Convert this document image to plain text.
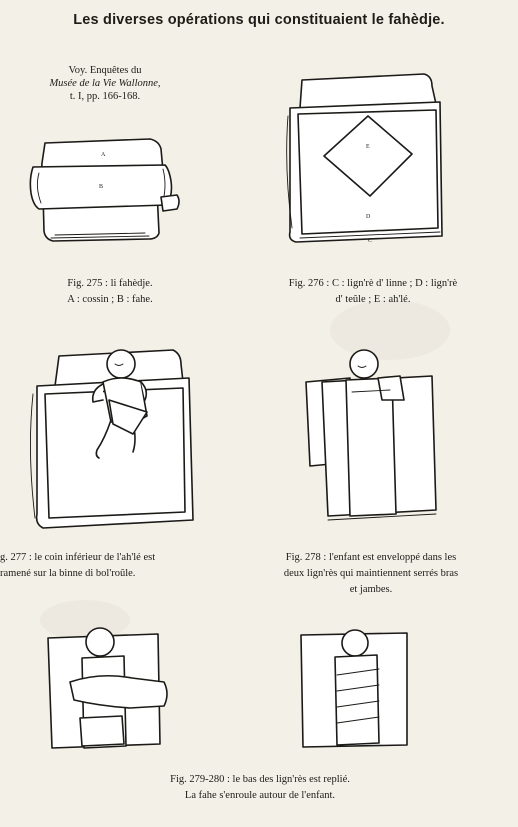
Les diverses opérations qui constituaient le fahèdje.
Voy. Enquêtes du
Musée de la Vie Wallonne,
t. I, pp. 166-168.
A
B
Fig. 275 : li fahèdje.
A : cossin ; B : fahe.
E
D
C
Fig. 276 : C : lign'rè d' linne ; D : lign'rè
d' teûle ; E : ah'lé.
g. 277 : le coin inférieur de l'ah'lé est
ramené sur la binne di bol'roûle.
Fig. 278 : l'enfant est enveloppé dans les
deux lign'rès qui maintiennent serrés bras
et jambes.
Fig. 279-280 : le bas des lign'rès est replié.
La fahe s'enroule autour de l'enfant.
